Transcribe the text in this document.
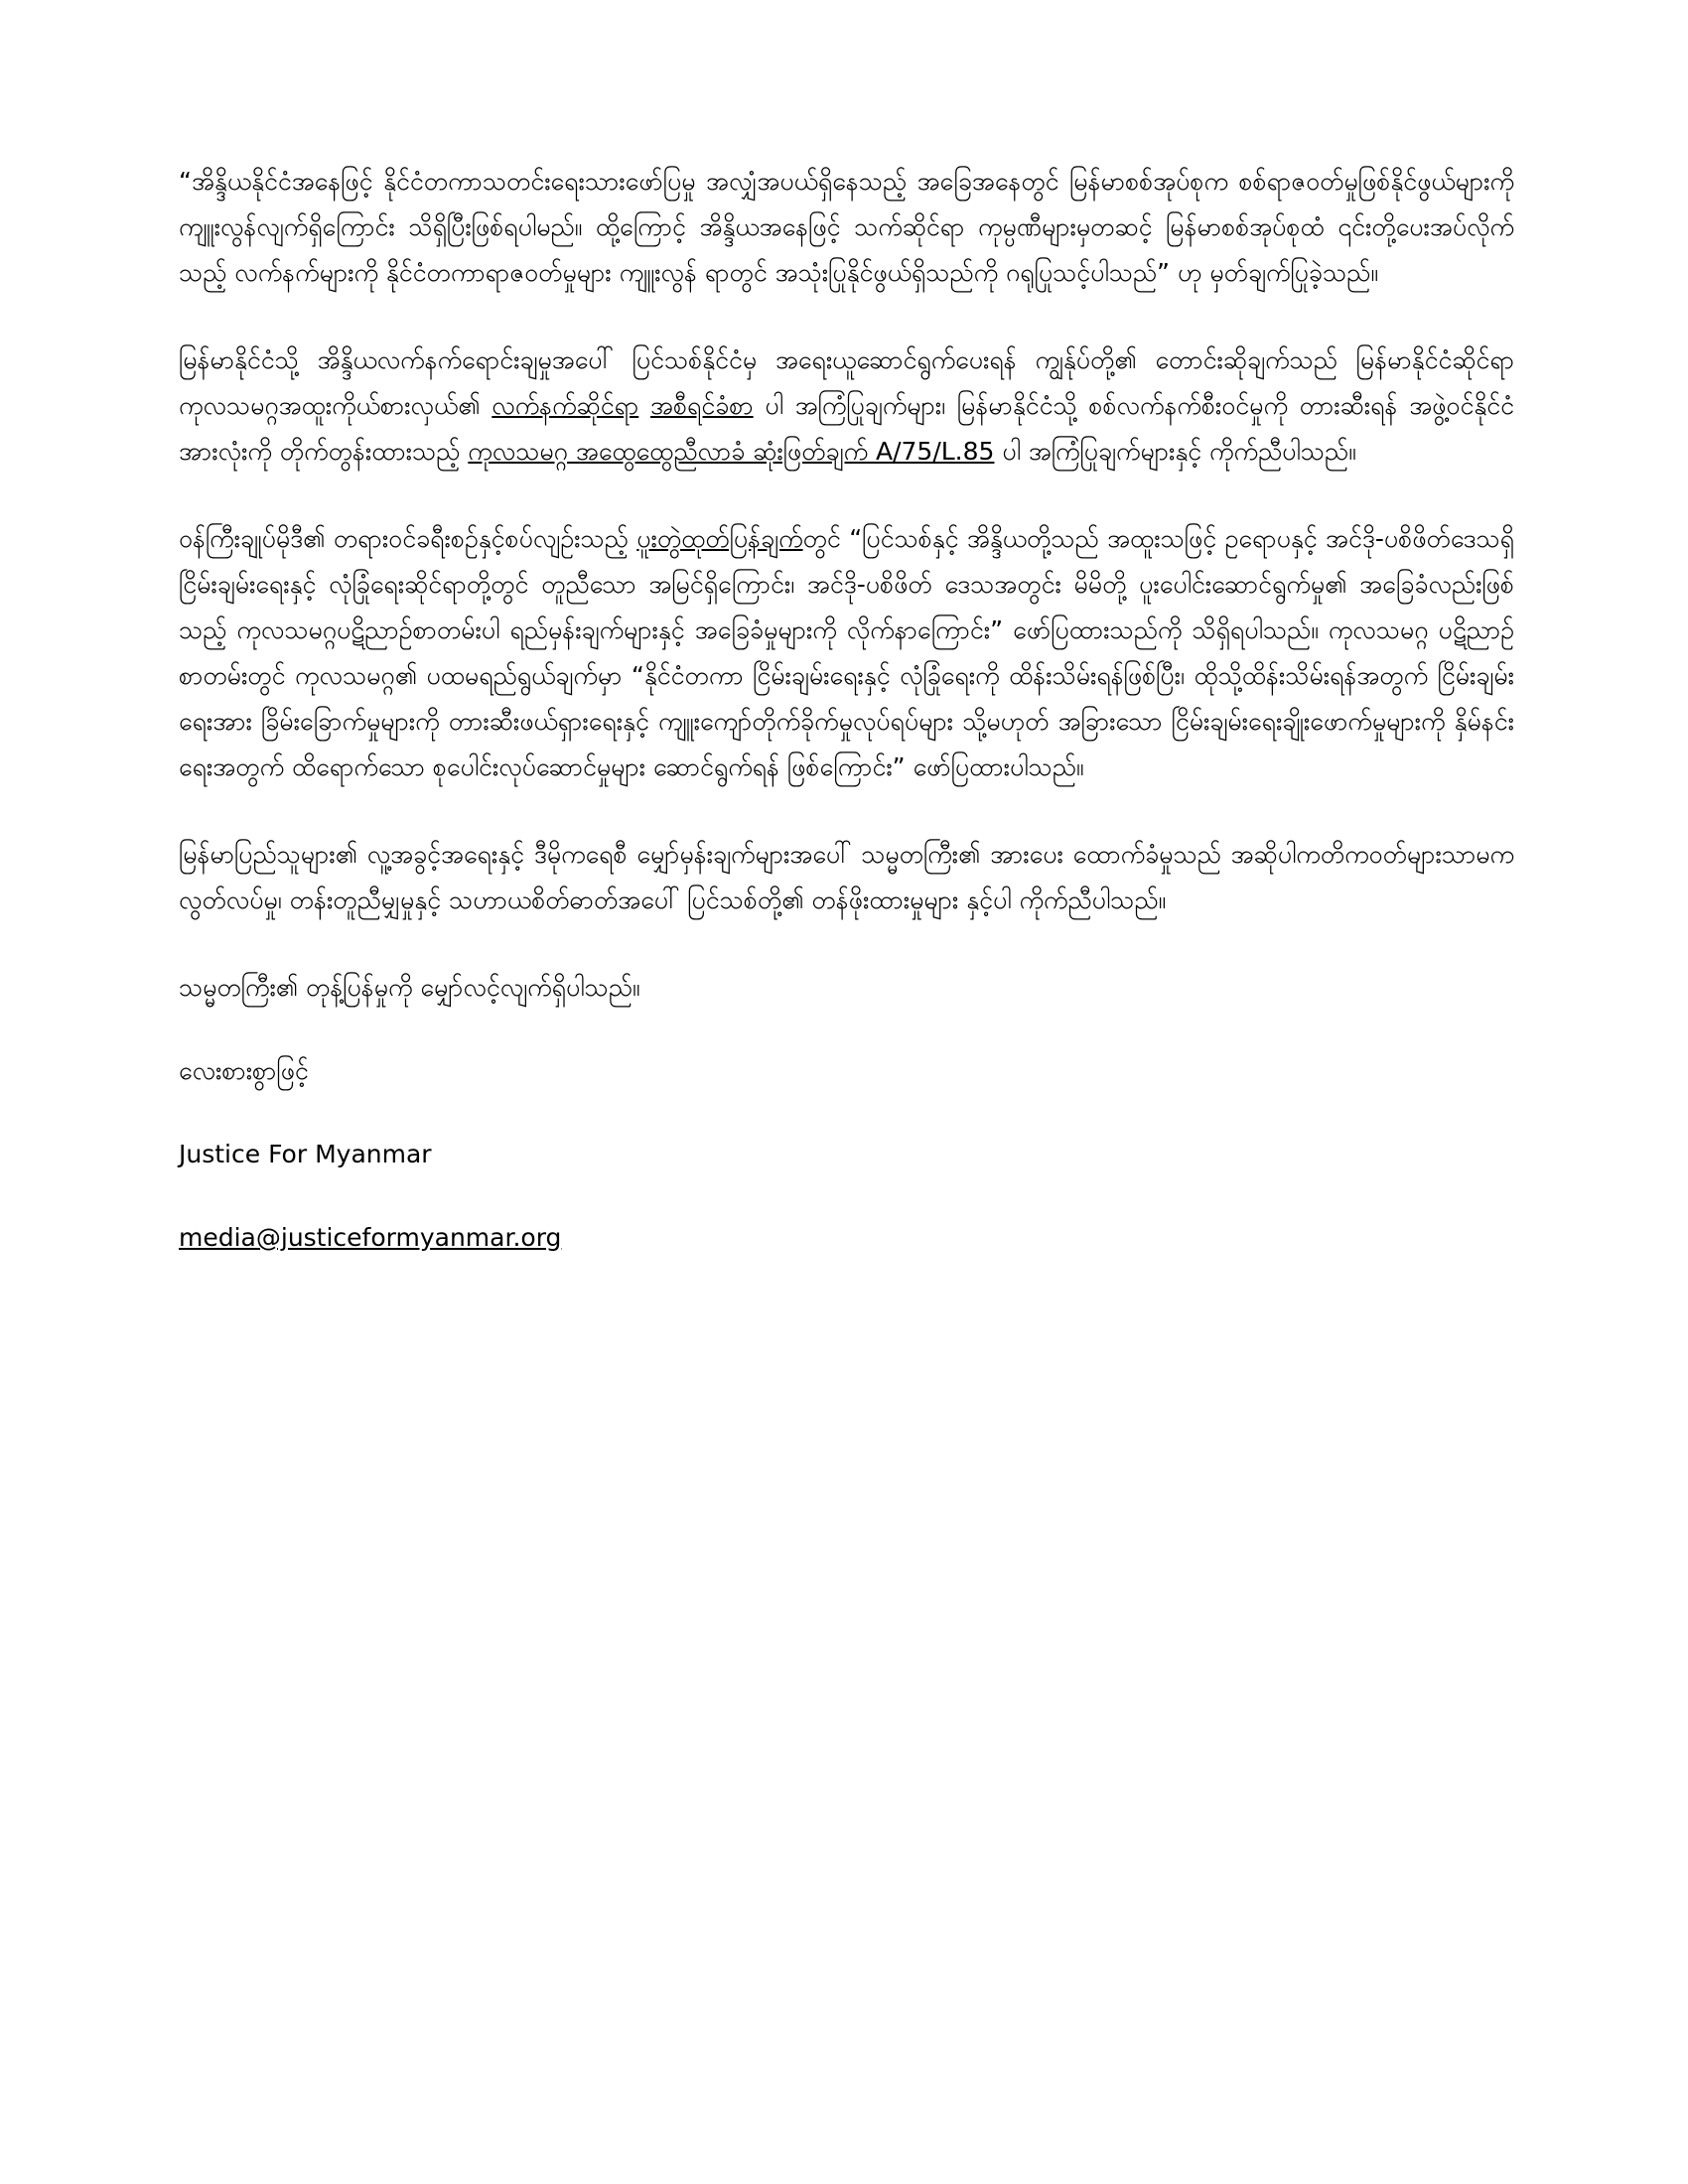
“အိန္ဒိယနိုင်ငံအနေဖြင့် နိုင်ငံတကာသတင်းရေးသားဖော်ပြမှု အလျှံအပယ်ရှိနေသည့် အခြေအနေတွင် မြန်မာစစ်အုပ်စုက စစ်ရာဇဝတ်မှုဖြစ်နိုင်ဖွယ်များကို ကျူးလွန်လျက်ရှိကြောင်း သိရှိပြီးဖြစ်ရပါမည်။ ထို့ကြောင့် အိန္ဒိယအနေဖြင့် သက်ဆိုင်ရာ ကုမ္ပဏီများမှတဆင့် မြန်မာစစ်အုပ်စုထံ ၎င်းတို့ပေးအပ်လိုက်သည့် လက်နက်များကို နိုင်ငံတကာရာဇဝတ်မှုများ ကျူးလွန် ရာတွင် အသုံးပြုနိုင်ဖွယ်ရှိသည်ကို ဂရုပြုသင့်ပါသည်” ဟု မှတ်ချက်ပြုခဲ့သည်။

မြန်မာနိုင်ငံသို့ အိန္ဒိယလက်နက်ရောင်းချမှုအပေါ် ပြင်သစ်နိုင်ငံမှ အရေးယူဆောင်ရွက်ပေးရန် ကျွန်ုပ်တို့၏ တောင်းဆိုချက်သည် မြန်မာနိုင်ငံဆိုင်ရာကုလသမဂ္ဂအထူးကိုယ်စားလှယ်၏ လက်နက်ဆိုင်ရာ အစီရင်ခံစာ ပါ အကြံပြုချက်များ၊ မြန်မာနိုင်ငံသို့ စစ်လက်နက်စီးဝင်မှုကို တားဆီးရန် အဖွဲ့ဝင်နိုင်ငံအားလုံးကို တိုက်တွန်းထားသည့် ကုလသမဂ္ဂ အထွေထွေညီလာခံ ဆုံးဖြတ်ချက် A/75/L.85 ပါ အကြံပြုချက်များနှင့် ကိုက်ညီပါသည်။

ဝန်ကြီးချုပ်မိုဒီ၏ တရားဝင်ခရီးစဉ်နှင့်စပ်လျဉ်းသည့် ပူးတွဲထုတ်ပြန်ချက်တွင် “ပြင်သစ်နှင့် အိန္ဒိယတို့သည် အထူးသဖြင့် ဥရောပနှင့် အင်ဒို-ပစိဖိတ်ဒေသရှိ ငြိမ်းချမ်းရေးနှင့် လုံခြုံရေးဆိုင်ရာတို့တွင် တူညီသော အမြင်ရှိကြောင်း၊ အင်ဒို-ပစိဖိတ် ဒေသအတွင်း မိမိတို့ ပူးပေါင်းဆောင်ရွက်မှု၏ အခြေခံလည်းဖြစ်သည့် ကုလသမဂ္ဂပဋိညာဉ်စာတမ်းပါ ရည်မှန်းချက်များနှင့် အခြေခံမှုများကို လိုက်နာကြောင်း” ဖော်ပြထားသည်ကို သိရှိရပါသည်။ ကုလသမဂ္ဂ ပဋိညာဉ်စာတမ်းတွင် ကုလသမဂ္ဂ၏ ပထမရည်ရွယ်ချက်မှာ “နိုင်ငံတကာ ငြိမ်းချမ်းရေးနှင့် လုံခြုံရေးကို ထိန်းသိမ်းရန်ဖြစ်ပြီး၊ ထိုသို့ထိန်းသိမ်းရန်အတွက် ငြိမ်းချမ်းရေးအား ခြိမ်းခြောက်မှုများကို တားဆီးဖယ်ရှားရေးနှင့် ကျူးကျော်တိုက်ခိုက်မှုလုပ်ရပ်များ သို့မဟုတ် အခြားသော ငြိမ်းချမ်းရေးချိုးဖောက်မှုများကို နှိမ်နင်းရေးအတွက် ထိရောက်သော စုပေါင်းလုပ်ဆောင်မှုများ ဆောင်ရွက်ရန် ဖြစ်ကြောင်း” ဖော်ပြထားပါသည်။

မြန်မာပြည်သူများ၏ လူ့အခွင့်အရေးနှင့် ဒီမိုကရေစီ မျှော်မှန်းချက်များအပေါ် သမ္မတကြီး၏ အားပေး ထောက်ခံမှုသည် အဆိုပါကတိကဝတ်များသာမက လွတ်လပ်မှု၊ တန်းတူညီမျှမှုနှင့် သဟာယစိတ်ဓာတ်အပေါ် ပြင်သစ်တို့၏ တန်ဖိုးထားမှုများ နှင့်ပါ ကိုက်ညီပါသည်။

သမ္မတကြီး၏ တုန့်ပြန်မှုကို မျှော်လင့်လျက်ရှိပါသည်။

လေးစားစွာဖြင့်

Justice For Myanmar

media@justiceformyanmar.org
